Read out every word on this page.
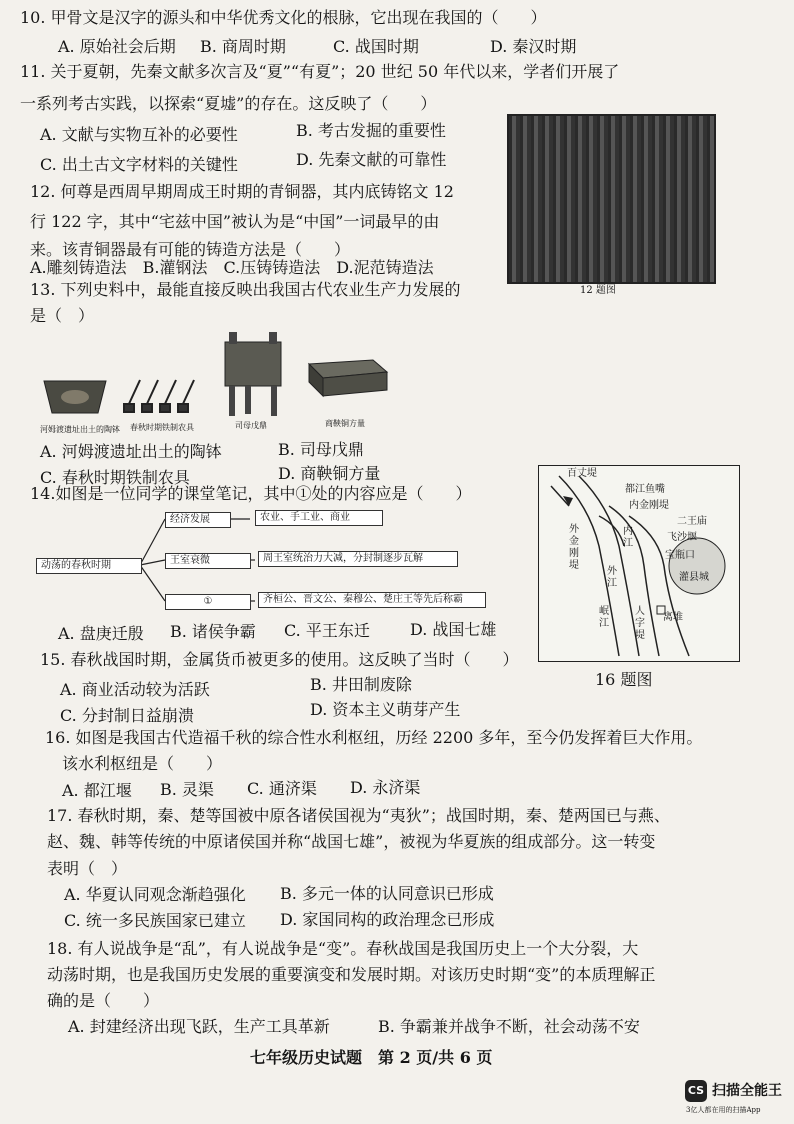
10. 甲骨文是汉字的源头和中华优秀文化的根脉，它出现在我国的（　　）
A. 原始社会后期 B. 商周时期	C. 战国时期	D. 秦汉时期
11. 关于夏朝，先秦文献多次言及“夏”“有夏”；20 世纪 50 年代以来，学者们开展了
一系列考古实践，以探索“夏墟”的存在。这反映了（　　）
A. 文献与实物互补的必要性	B. 考古发掘的重要性
C. 出土古文字材料的关键性	D. 先秦文献的可靠性
12. 何尊是西周早期周成王时期的青铜器，其内底铸铭文 12
行 122 字，其中“宅兹中国”被认为是“中国”一词最早的由
来。该青铜器最有可能的铸造方法是（　　）
A.雕刻铸造法　B.灌钢法　C.压铸铸造法　D.泥范铸造法
12 题图
13. 下列史料中，最能直接反映出我国古代农业生产力发展的
是（　）
河姆渡遗址出土的陶钵 春秋时期铁制农具	司母戊鼎	商鞅铜方量
A. 河姆渡遗址出土的陶钵	B. 司母戊鼎
C. 春秋时期铁制农具	D. 商鞅铜方量
14.如图是一位同学的课堂笔记，其中①处的内容应是（　　）
动荡的春秋时期
经济发展
王室衰微
①
农业、手工业、商业
周王室统治力大减，分封制逐步瓦解
齐桓公、晋文公、秦穆公、楚庄王等先后称霸
A. 盘庚迁殷 B. 诸侯争霸 C. 平王东迁	D. 战国七雄
百丈堤
都江鱼嘴
内金刚堤
二王庙
外金刚堤
内江
外江
飞沙堰
宝瓶口
灌县城
岷江
人字堤
离堆
16 题图
15. 春秋战国时期，金属货币被更多的使用。这反映了当时（　　）
A. 商业活动较为活跃	B. 井田制废除
C. 分封制日益崩溃	D. 资本主义萌芽产生
16. 如图是我国古代造福千秋的综合性水利枢纽，历经 2200 多年，至今仍发挥着巨大作用。
该水利枢纽是（　　）
A. 都江堰 B. 灵渠 C. 通济渠 D. 永济渠
17. 春秋时期，秦、楚等国被中原各诸侯国视为“夷狄”；战国时期，秦、楚两国已与燕、
赵、魏、韩等传统的中原诸侯国并称“战国七雄”，被视为华夏族的组成部分。这一转变
表明（　）
A. 华夏认同观念渐趋强化 B. 多元一体的认同意识已形成
C. 统一多民族国家已建立 D. 家国同构的政治理念已形成
18. 有人说战争是“乱”，有人说战争是“变”。春秋战国是我国历史上一个大分裂，大
动荡时期，也是我国历史发展的重要演变和发展时期。对该历史时期“变”的本质理解正
确的是（　　）
A. 封建经济出现飞跃，生产工具革新	B. 争霸兼并战争不断，社会动荡不安
七年级历史试题　第 2 页/共 6 页
CS 扫描全能王
3亿人都在用的扫描App
